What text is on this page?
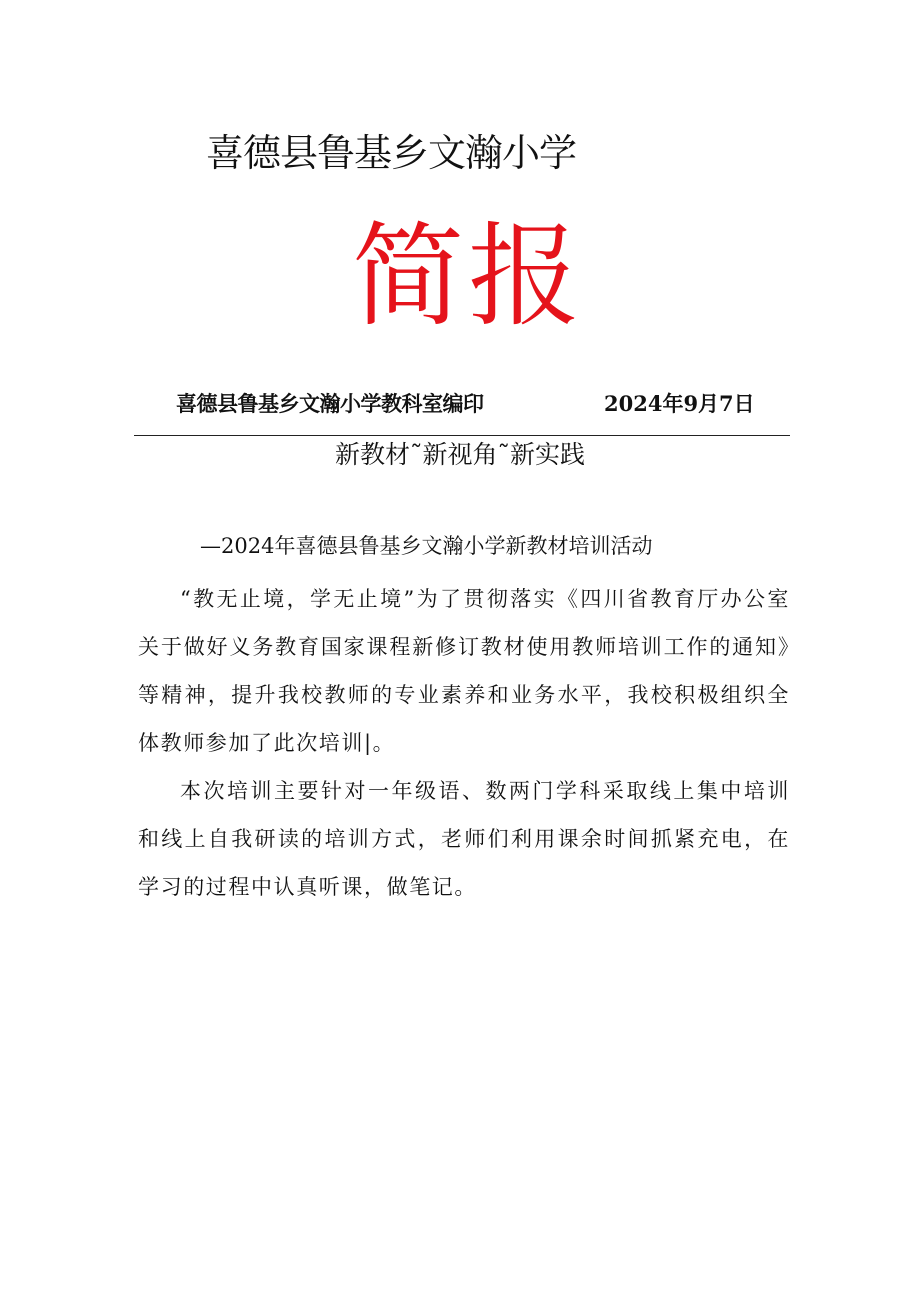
喜德县鲁基乡文瀚小学
简报
喜德县鲁基乡文瀚小学教科室编印	2024年9月7日
新教材˜新视角˜新实践
—2024年喜德县鲁基乡文瀚小学新教材培训活动

“教无止境，学无止境”为了贯彻落实《四川省教育厅办公室关于做好义务教育国家课程新修订教材使用教师培训工作的通知》等精神，提升我校教师的专业素养和业务水平，我校积极组织全体教师参加了此次培训|。

本次培训主要针对一年级语、数两门学科采取线上集中培训和线上自我研读的培训方式，老师们利用课余时间抓紧充电，在学习的过程中认真听课，做笔记。
